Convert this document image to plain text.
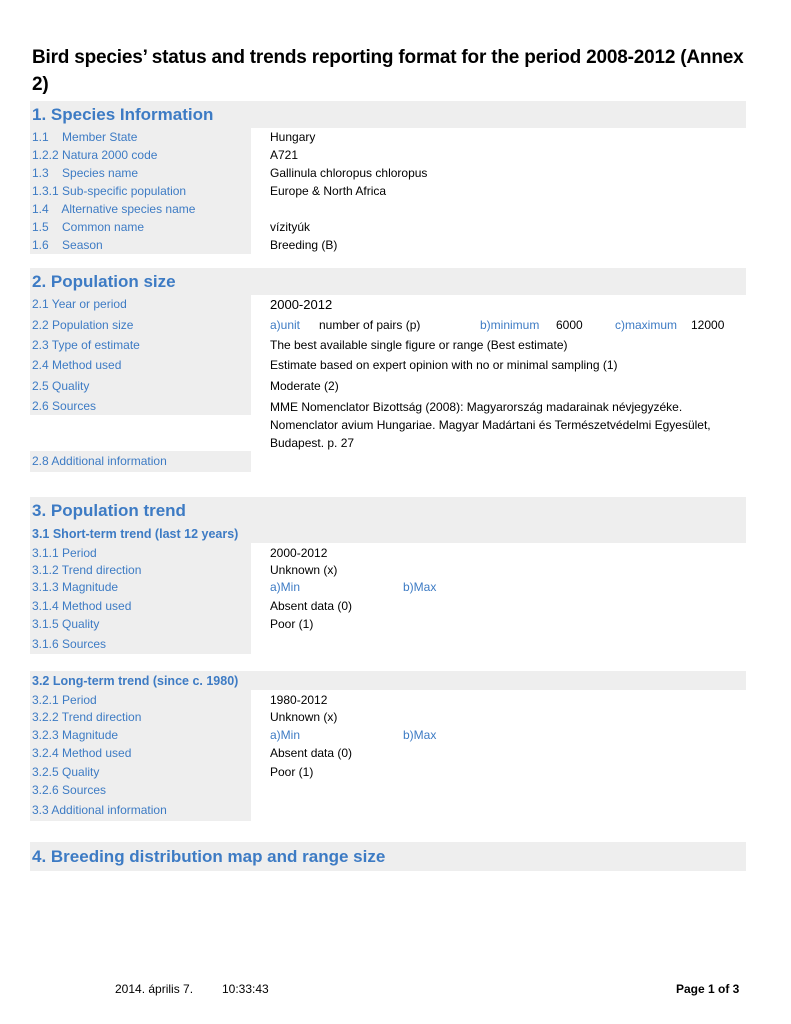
Bird species’ status and trends reporting format for the period 2008-2012 (Annex 2)
1. Species Information
1.1    Member State	Hungary
1.2.2 Natura 2000 code	A721
1.3    Species name	Gallinula chloropus chloropus
1.3.1 Sub-specific population	Europe & North Africa
1.4    Alternative species name
1.5    Common name	vízityúk
1.6    Season	Breeding (B)
2. Population size
2.1 Year or period	2000-2012
2.2 Population size	a)unit number of pairs (p)	b)minimum 6000	c)maximum 12000
2.3 Type of estimate	The best available single figure or range (Best estimate)
2.4 Method used	Estimate based on expert opinion with no or minimal sampling (1)
2.5 Quality	Moderate (2)
2.6 Sources	MME Nomenclator Bizottság (2008): Magyarország madarainak névjegyzéke. Nomenclator avium Hungariae. Magyar Madártani és Természetvédelmi Egyesület, Budapest. p. 27
2.8 Additional information
3. Population trend
3.1 Short-term trend (last 12 years)
3.1.1 Period	2000-2012
3.1.2 Trend direction	Unknown (x)
3.1.3 Magnitude	a)Min	b)Max
3.1.4 Method used	Absent data (0)
3.1.5 Quality	Poor (1)
3.1.6 Sources
3.2 Long-term trend (since c. 1980)
3.2.1 Period	1980-2012
3.2.2 Trend direction	Unknown (x)
3.2.3 Magnitude	a)Min	b)Max
3.2.4 Method used	Absent data (0)
3.2.5 Quality	Poor (1)
3.2.6 Sources
3.3 Additional information
4. Breeding distribution map and range size
2014. április 7. 10:33:43	Page 1 of 3
